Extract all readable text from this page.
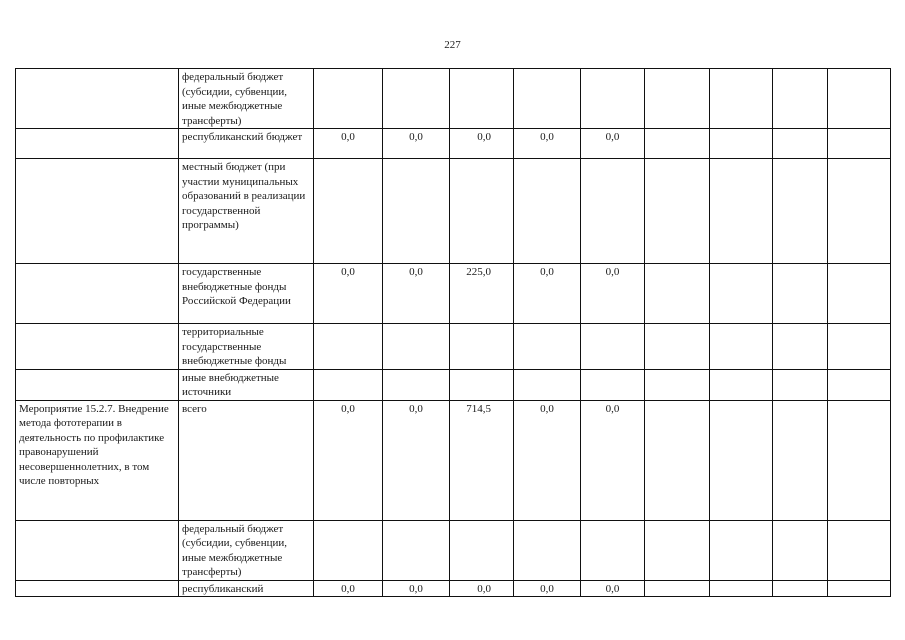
227
	федеральный бюджет (субсидии, субвенции, иные межбюджетные трансферты)									
	республиканский бюджет	0,0	0,0	0,0	0,0	0,0				
	местный бюджет (при участии муниципальных образований в реализации государственной программы)									
	государственные внебюджетные фонды Российской Федерации	0,0	0,0	225,0	0,0	0,0				
	территориальные государственные внебюджетные фонды									
	иные внебюджетные источники									
Мероприятие 15.2.7. Внедрение метода фототерапии в деятельность по профилактике правонарушений несовершеннолетних, в том числе повторных	всего	0,0	0,0	714,5	0,0	0,0				
	федеральный бюджет (субсидии, субвенции, иные межбюджетные трансферты)									
	республиканский	0,0	0,0	0,0	0,0	0,0				
